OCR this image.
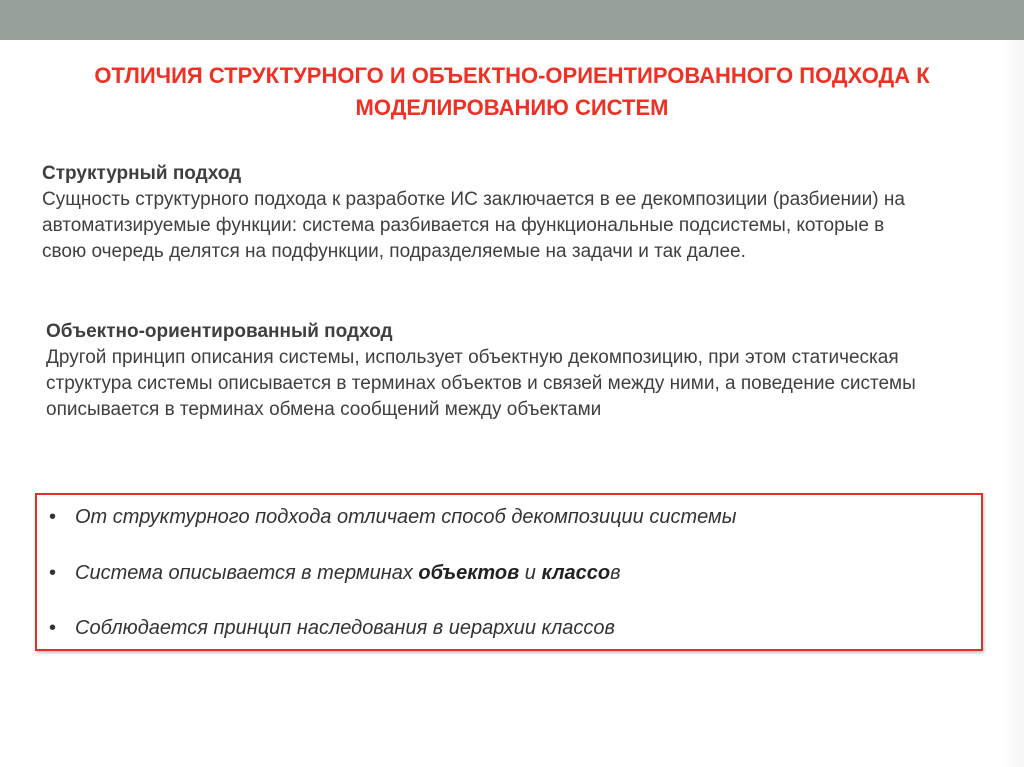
ОТЛИЧИЯ СТРУКТУРНОГО И ОБЪЕКТНО-ОРИЕНТИРОВАННОГО ПОДХОДА К МОДЕЛИРОВАНИЮ СИСТЕМ
Структурный подход
Сущность структурного подхода к разработке ИС заключается в ее декомпозиции (разбиении) на автоматизируемые функции: система разбивается на функциональные подсистемы, которые в свою очередь делятся на подфункции, подразделяемые на задачи и так далее.
Объектно-ориентированный подход
Другой принцип описания системы, использует объектную декомпозицию, при этом статическая структура системы описывается в терминах объектов и связей между ними, а поведение системы описывается в терминах обмена сообщений между объектами
• От структурного подхода отличает способ декомпозиции системы
• Система описывается в терминах объектов и классов
• Соблюдается принцип наследования в иерархии классов
